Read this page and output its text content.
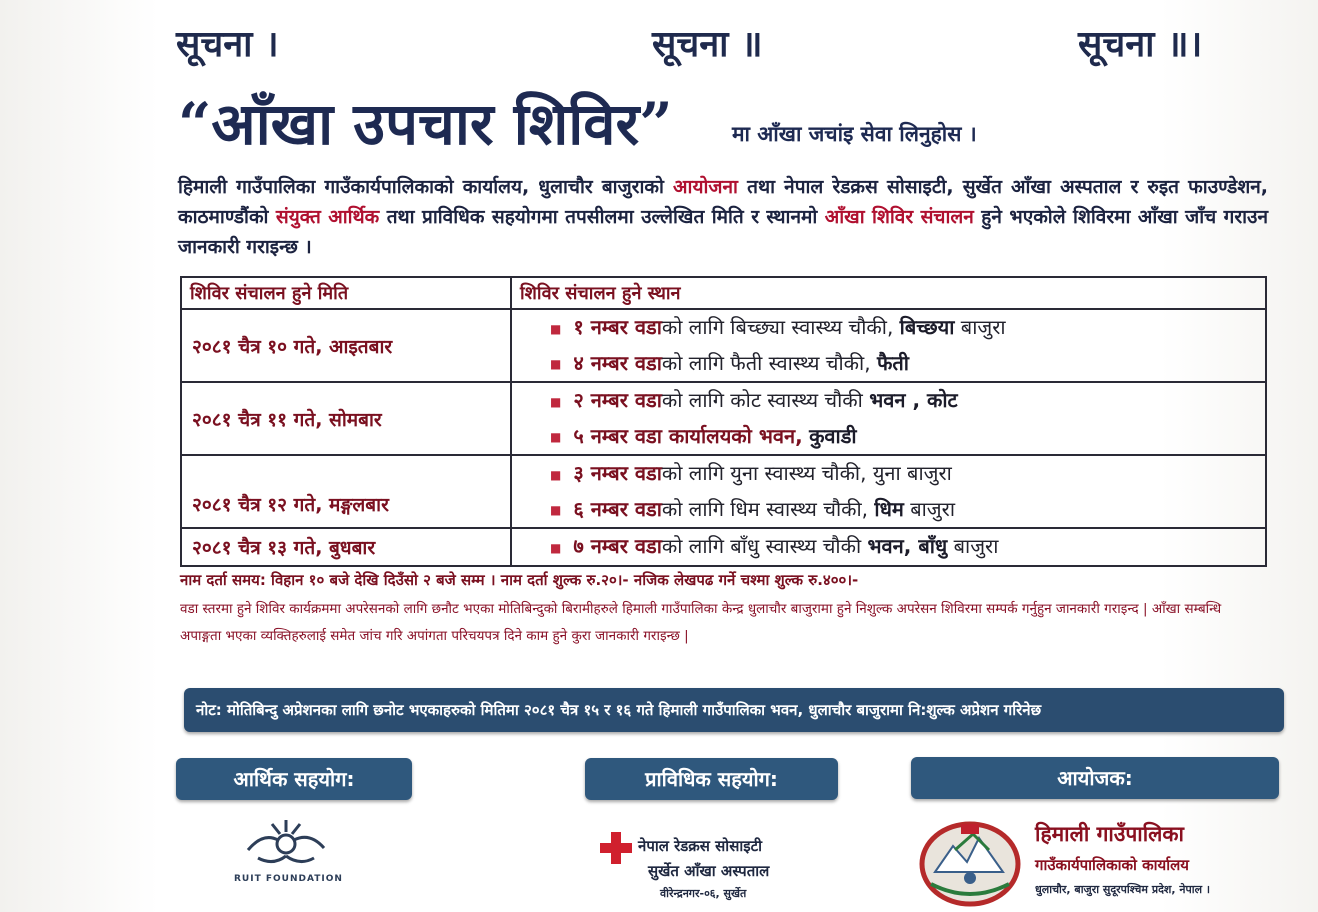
सूचना ।	सूचना ॥	सूचना ॥।
“आँखा उपचार शिविर”	मा आँखा जचांइ सेवा लिनुहोस ।
हिमाली गाउँपालिका गाउँकार्यपालिकाको कार्यालय, धुलाचौर बाजुराको आयोजना तथा नेपाल रेडक्रस सोसाइटी, सुर्खेत आँखा अस्पताल र रुइत फाउण्डेशन, काठमाण्डौंको संयुक्त आर्थिक तथा प्राविधिक सहयोगमा तपसीलमा उल्लेखित मिति र स्थानमो आँखा शिविर संचालन हुने भएकोले शिविरमा आँखा जाँच गराउन जानकारी गराइन्छ ।
शिविर संचालन हुने मिति	शिविर संचालन हुने स्थान
२०८१ चैत्र १० गते, आइतबार	■ १ नम्बर वडाको लागि बिच्छ्या स्वास्थ्य चौकी, बिच्छया बाजुरा
■ ४ नम्बर वडाको लागि फैती स्वास्थ्य चौकी, फैती

२०८१ चैत्र ११ गते, सोमबार	■ २ नम्बर वडाको लागि कोट स्वास्थ्य चौकी भवन , कोट
■ ५ नम्बर वडा कार्यालयको भवन, कुवाडी

२०८१ चैत्र १२ गते, मङ्गलबार	■ ३ नम्बर वडाको लागि युना स्वास्थ्य चौकी, युना बाजुरा
■ ६ नम्बर वडाको लागि धिम स्वास्थ्य चौकी, धिम बाजुरा

२०८१ चैत्र १३ गते, बुधबार	■ ७ नम्बर वडाको लागि बाँधु स्वास्थ्य चौकी भवन, बाँधु बाजुरा
नाम दर्ता समय: विहान १० बजे देखि दिउँसो २ बजे सम्म । नाम दर्ता शुल्क रु.२०।- नजिक लेखपढ गर्ने चश्मा शुल्क रु.४००।-
वडा स्तरमा हुने शिविर कार्यक्रममा अपरेसनको लागि छनौट भएका मोतिबिन्दुको बिरामीहरुले हिमाली गाउँपालिका केन्द्र धुलाचौर बाजुरामा हुने निशुल्क अपरेसन शिविरमा सम्पर्क गर्नुहुन जानकारी गराइन्द | आँखा सम्बन्धि अपाङ्गता भएका व्यक्तिहरुलाई समेत जांच गरि अपांगता परिचयपत्र दिने काम हुने कुरा जानकारी गराइन्छ |
नोट: मोतिबिन्दु अप्रेशनका लागि छनोट भएकाहरुको मितिमा २०८१ चैत्र १५ र १६ गते हिमाली गाउँपालिका भवन, धुलाचौर बाजुरामा नि:शुल्क अप्रेशन गरिनेछ
आर्थिक सहयोग:	प्राविधिक सहयोग:	आयोजक:
RUIT FOUNDATION
नेपाल रेडक्रस सोसाइटी
सुर्खेत आँखा अस्पताल
वीरेन्द्रनगर-०६, सुर्खेत
हिमाली गाउँपालिका
गाउँकार्यपालिकाको कार्यालय
धुलाचौर, बाजुरा सुदूरपश्चिम प्रदेश, नेपाल ।
